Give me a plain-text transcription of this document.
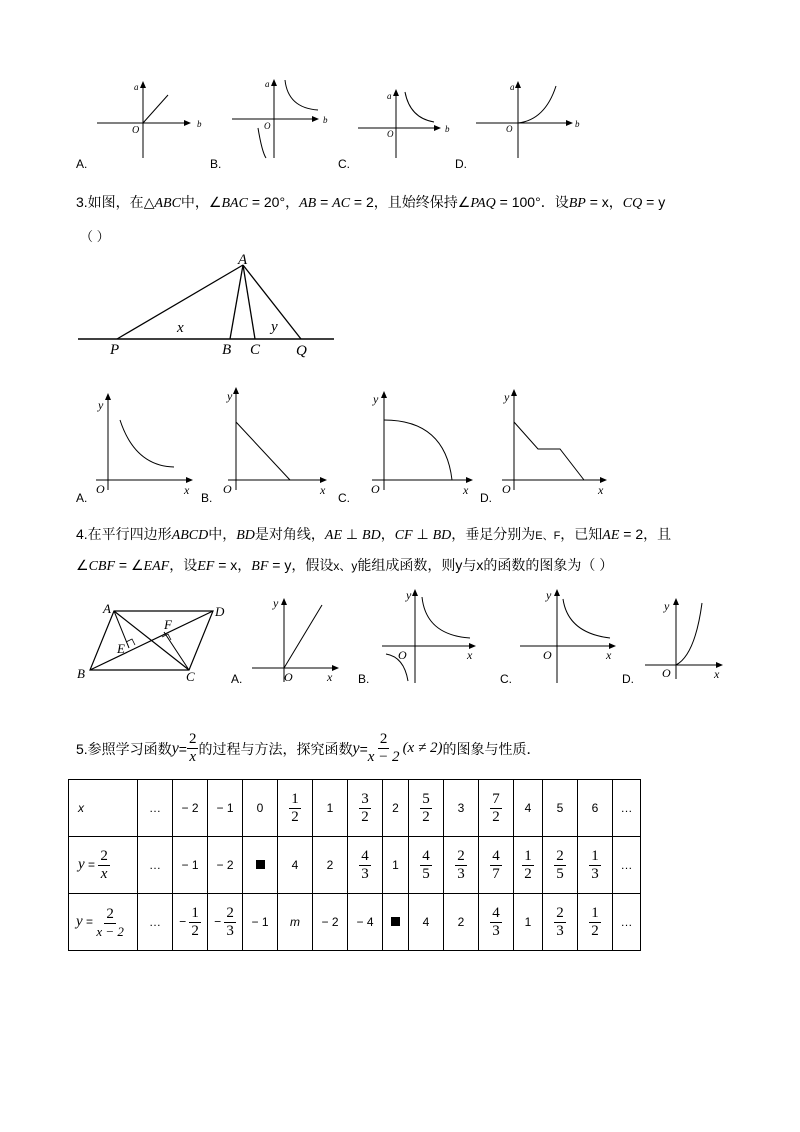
a
b
O
a
b
O
a
b
O
a
b
O
A.	B.	C.	D.
3.如图，在△ABC中，∠BAC = 20°，AB = AC = 2，且始终保持∠PAQ = 100°．设BP = x，CQ = y
（ ）
A
P	B C Q
x	y
y
O	x
y
O	x
y
O	x
y
O	x
A.	B.	C.	D.
4.在平行四边形ABCD中，BD是对角线，AE ⊥ BD，CF ⊥ BD，垂足分别为E、F，已知AE = 2，且
∠CBF = ∠EAF，设EF = x，BF = y，假设x、y能组成函数，则y与x的函数的图象为（ ）
A	D
F
E
B	C
y
O	x
y
O	x
y
O	x
y
O	x
A.	B.	C.	D.
5.参照学习函数 $y = \frac{2}{x}$ 的过程与方法，探究函数 $y = \frac{2}{x - 2} (x \ne 2)$ 的图象与性质．
x	…	− 2	− 1	0	$\frac{1}{2}$	1	$\frac{3}{2}$	2	$\frac{5}{2}$	3	$\frac{7}{2}$	4	5	6	…
$y = \frac{2}{x}$	…	− 1	− 2		4	2	$\frac{4}{3}$	1	$\frac{4}{5}$	$\frac{2}{3}$	$\frac{4}{7}$	$\frac{1}{2}$	$\frac{2}{5}$	$\frac{1}{3}$	…
$y = \frac{2}{x - 2}$	…	− $\frac{1}{2}$	− $\frac{2}{3}$	− 1	m	− 2	− 4		4	2	$\frac{4}{3}$	1	$\frac{2}{3}$	$\frac{1}{2}$	…
